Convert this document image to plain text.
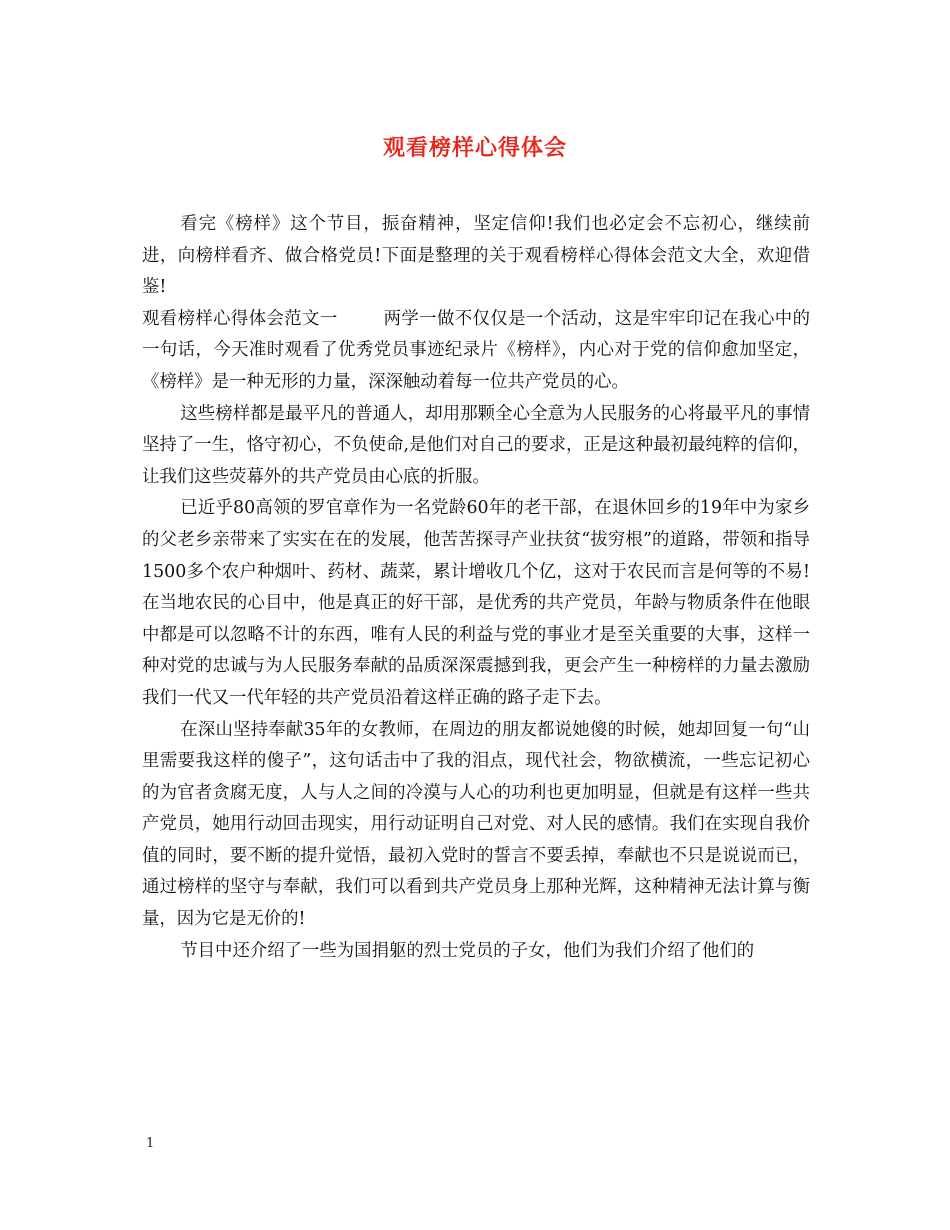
观看榜样心得体会

看完《榜样》这个节目，振奋精神，坚定信仰!我们也必定会不忘初心，继续前进，向榜样看齐、做合格党员!下面是整理的关于观看榜样心得体会范文大全，欢迎借鉴!

观看榜样心得体会范文一	两学一做不仅仅是一个活动，这是牢牢印记在我心中的一句话，今天准时观看了优秀党员事迹纪录片《榜样》，内心对于党的信仰愈加坚定，《榜样》是一种无形的力量，深深触动着每一位共产党员的心。

这些榜样都是最平凡的普通人，却用那颗全心全意为人民服务的心将最平凡的事情坚持了一生，恪守初心，不负使命,是他们对自己的要求，正是这种最初最纯粹的信仰，让我们这些荧幕外的共产党员由心底的折服。

已近乎80高领的罗官章作为一名党龄60年的老干部，在退休回乡的19年中为家乡的父老乡亲带来了实实在在的发展，他苦苦探寻产业扶贫“拔穷根”的道路，带领和指导1500多个农户种烟叶、药材、蔬菜，累计增收几个亿，这对于农民而言是何等的不易!在当地农民的心目中，他是真正的好干部，是优秀的共产党员，年龄与物质条件在他眼中都是可以忽略不计的东西，唯有人民的利益与党的事业才是至关重要的大事，这样一种对党的忠诚与为人民服务奉献的品质深深震撼到我，更会产生一种榜样的力量去激励我们一代又一代年轻的共产党员沿着这样正确的路子走下去。

在深山坚持奉献35年的女教师，在周边的朋友都说她傻的时候，她却回复一句“山里需要我这样的傻子”，这句话击中了我的泪点，现代社会，物欲横流，一些忘记初心的为官者贪腐无度，人与人之间的冷漠与人心的功利也更加明显，但就是有这样一些共产党员，她用行动回击现实，用行动证明自己对党、对人民的感情。我们在实现自我价值的同时，要不断的提升觉悟，最初入党时的誓言不要丢掉，奉献也不只是说说而已，通过榜样的坚守与奉献，我们可以看到共产党员身上那种光辉，这种精神无法计算与衡量，因为它是无价的!

节目中还介绍了一些为国捐躯的烈士党员的子女，他们为我们介绍了他们的

1
